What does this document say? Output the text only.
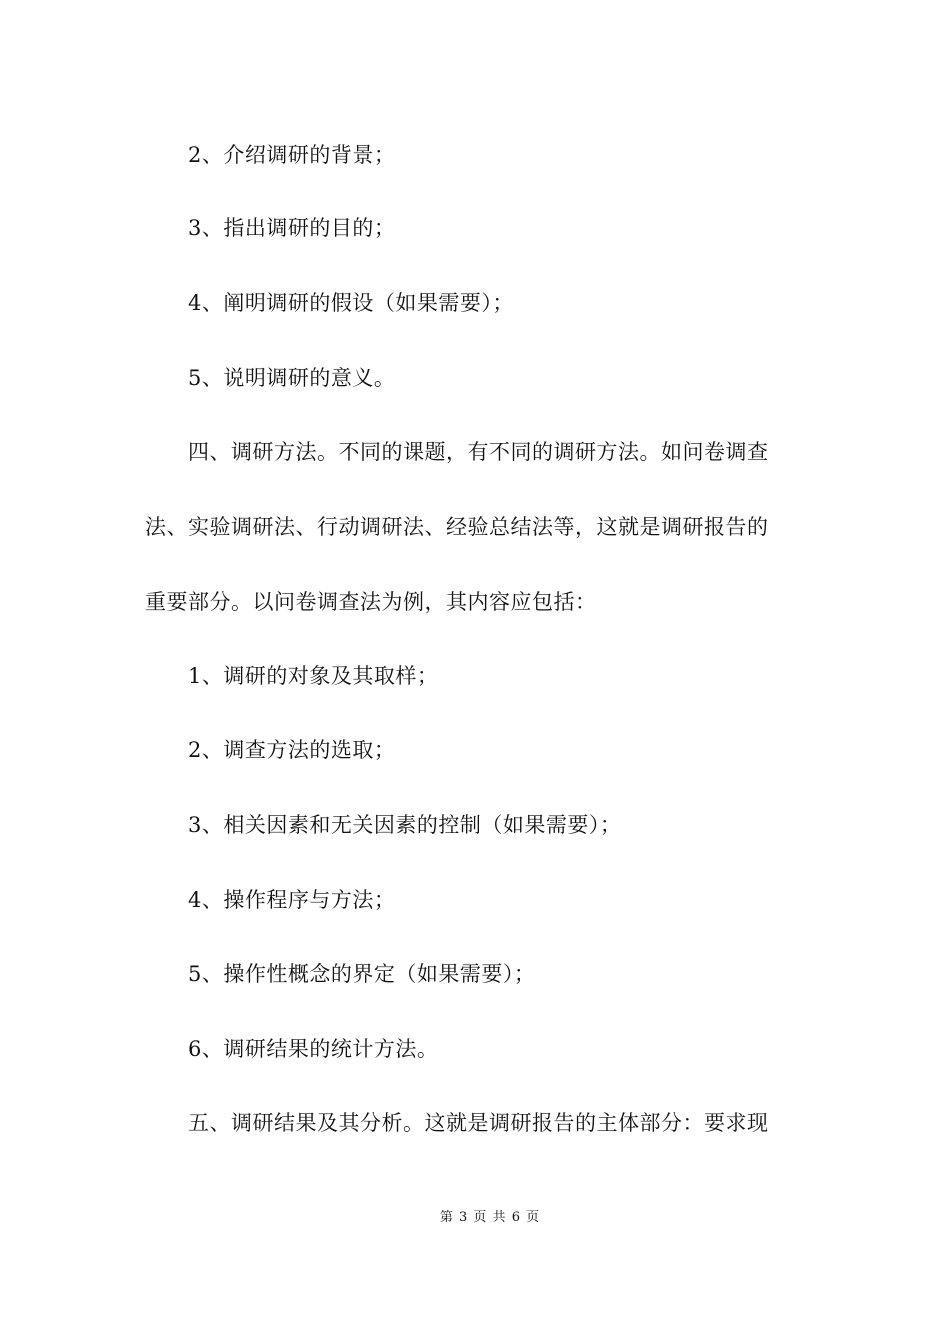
2、介绍调研的背景；
3、指出调研的目的；
4、阐明调研的假设（如果需要）；
5、说明调研的意义。
四、调研方法。不同的课题，有不同的调研方法。如问卷调查
法、实验调研法、行动调研法、经验总结法等，这就是调研报告的
重要部分。以问卷调查法为例，其内容应包括：
1、调研的对象及其取样；
2、调查方法的选取；
3、相关因素和无关因素的控制（如果需要）；
4、操作程序与方法；
5、操作性概念的界定（如果需要）；
6、调研结果的统计方法。
五、调研结果及其分析。这就是调研报告的主体部分：要求现
第 3 页 共 6 页
